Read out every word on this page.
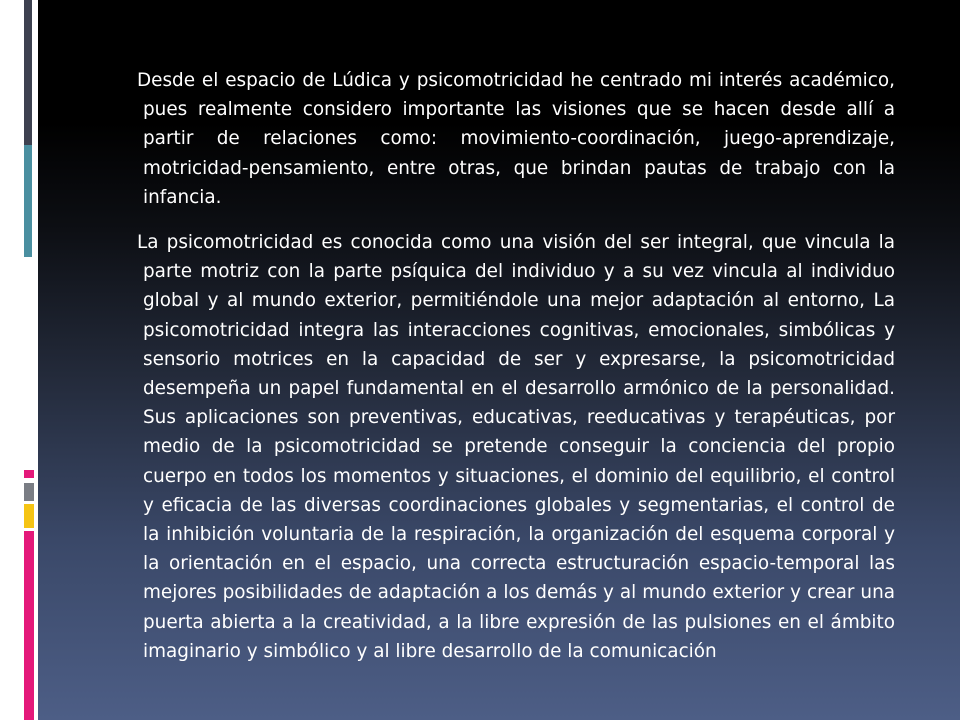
Desde el espacio de Lúdica y psicomotricidad he centrado mi interés académico, pues realmente considero importante las visiones que se hacen desde allí a partir de relaciones como: movimiento-coordinación, juego-aprendizaje, motricidad-pensamiento, entre otras, que brindan pautas de trabajo con la infancia.

La psicomotricidad es conocida como una visión del ser integral, que vincula la parte motriz con la parte psíquica del individuo y a su vez vincula al individuo global y al mundo exterior, permitiéndole una mejor adaptación al entorno, La psicomotricidad integra las interacciones cognitivas, emocionales, simbólicas y sensorio motrices en la capacidad de ser y expresarse, la psicomotricidad desempeña un papel fundamental en el desarrollo armónico de la personalidad. Sus aplicaciones son preventivas, educativas, reeducativas y terapéuticas, por medio de la psicomotricidad se pretende conseguir la conciencia del propio cuerpo en todos los momentos y situaciones, el dominio del equilibrio, el control y eficacia de las diversas coordinaciones globales y segmentarias, el control de la inhibición voluntaria de la respiración, la organización del esquema corporal y la orientación en el espacio, una correcta estructuración espacio-temporal las mejores posibilidades de adaptación a los demás y al mundo exterior y crear una puerta abierta a la creatividad, a la libre expresión de las pulsiones en el ámbito imaginario y simbólico y al libre desarrollo de la comunicación
